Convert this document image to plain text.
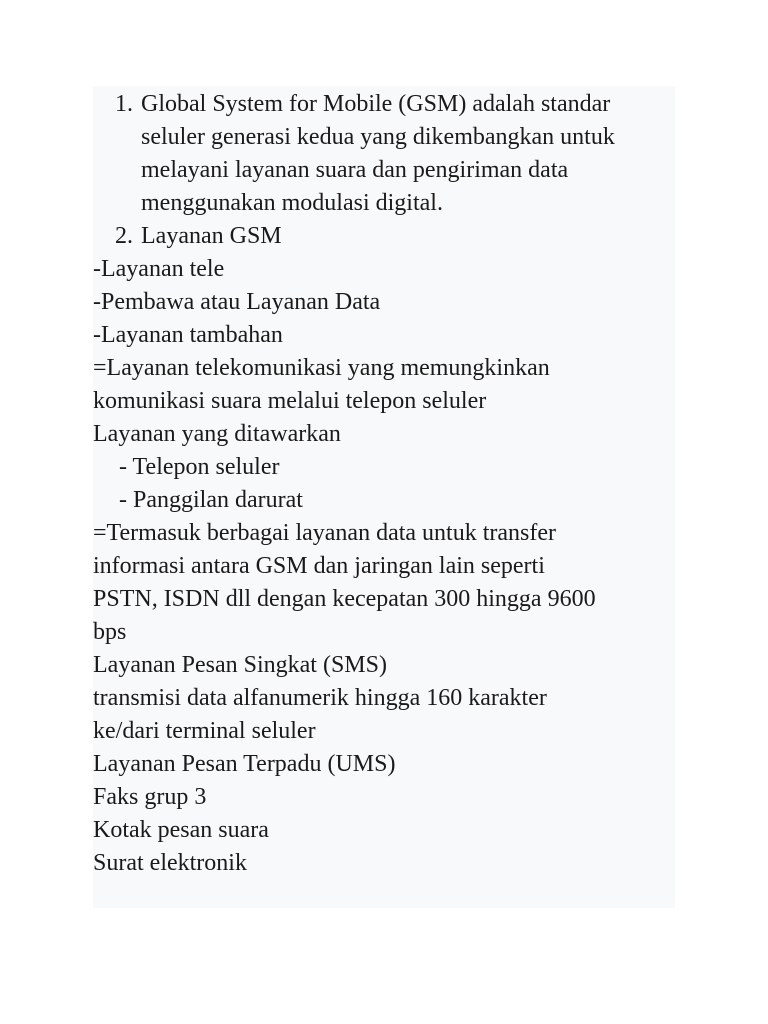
1. Global System for Mobile (GSM) adalah standar
seluler generasi kedua yang dikembangkan untuk
melayani layanan suara dan pengiriman data
menggunakan modulasi digital.
2. Layanan GSM
-Layanan tele
-Pembawa atau Layanan Data
-Layanan tambahan
=Layanan telekomunikasi yang memungkinkan
komunikasi suara melalui telepon seluler
Layanan yang ditawarkan
- Telepon seluler
- Panggilan darurat
=Termasuk berbagai layanan data untuk transfer
informasi antara GSM dan jaringan lain seperti
PSTN, ISDN dll dengan kecepatan 300 hingga 9600
bps
Layanan Pesan Singkat (SMS)
transmisi data alfanumerik hingga 160 karakter
ke/dari terminal seluler
Layanan Pesan Terpadu (UMS)
Faks grup 3
Kotak pesan suara
Surat elektronik
